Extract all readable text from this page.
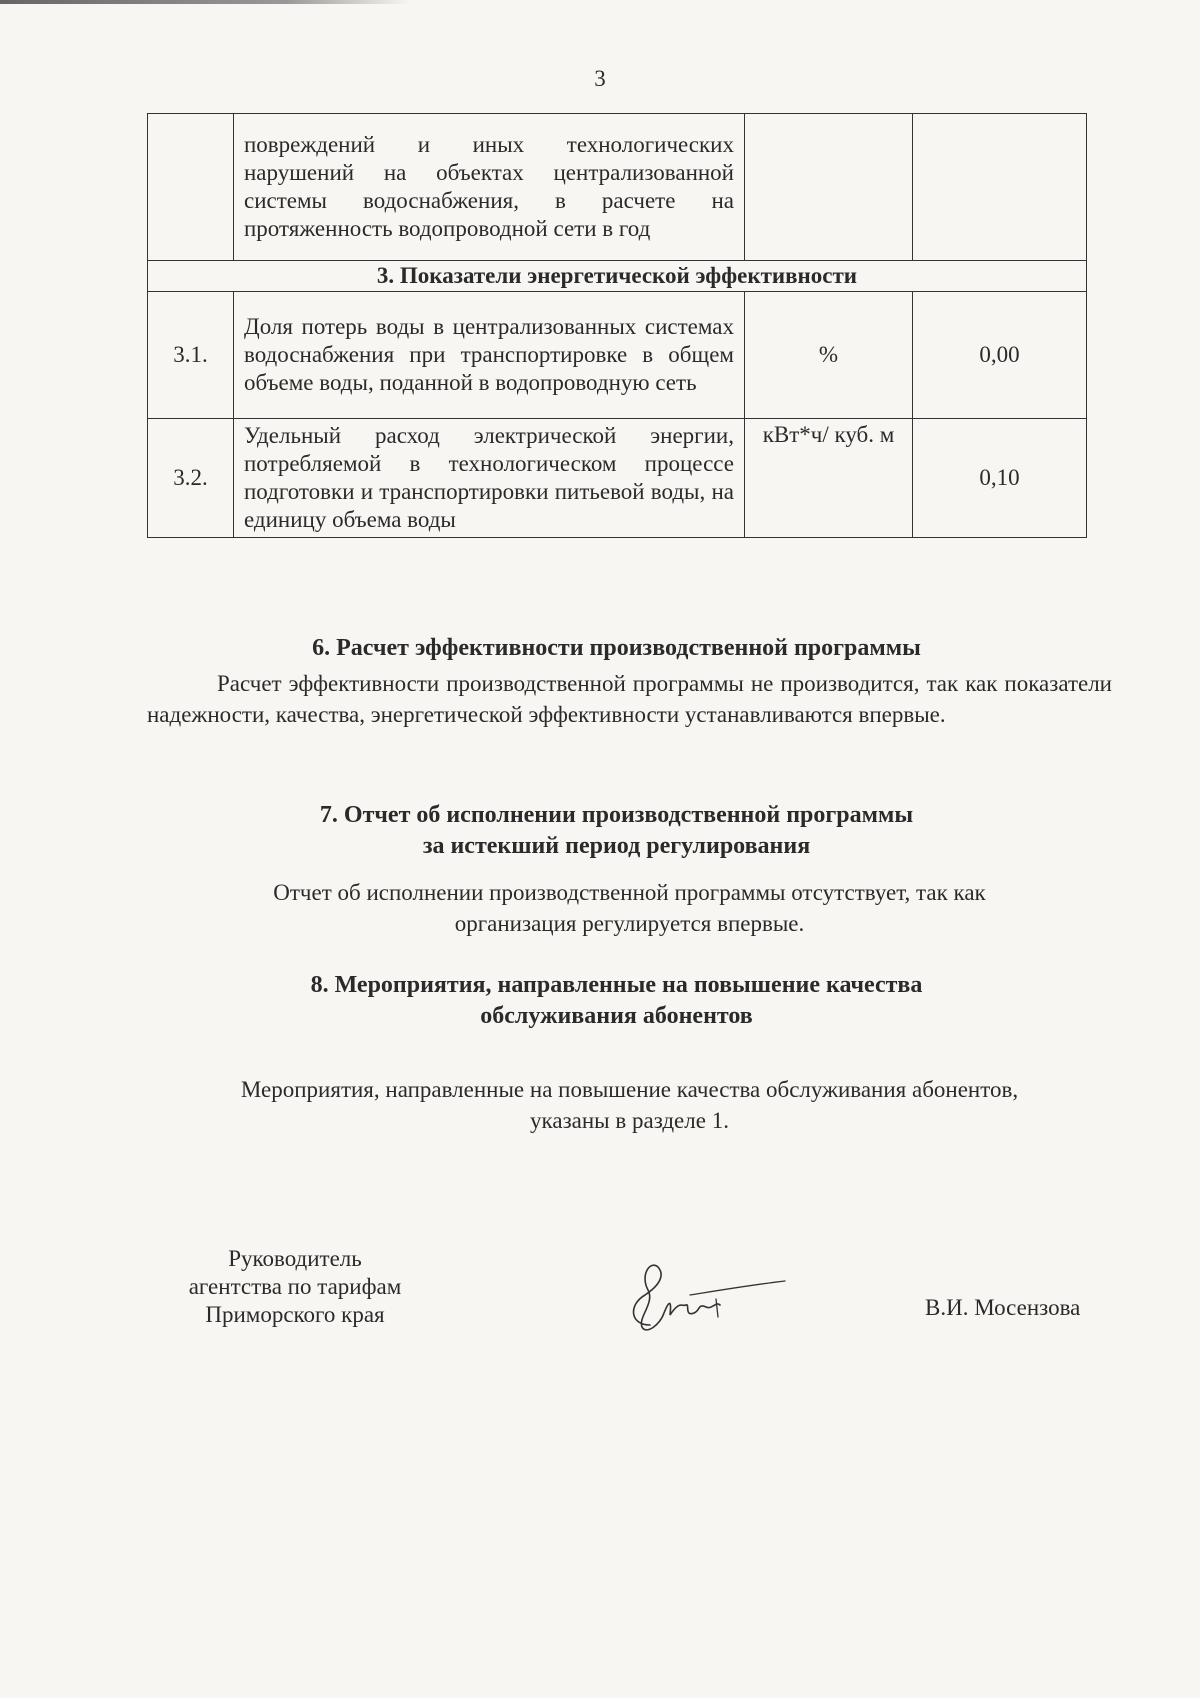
3
	повреждений и иных технологических нарушений на объектах централизованной системы водоснабжения, в расчете на протяженность водопроводной сети в год		
3. Показатели энергетической эффективности			
3.1.	Доля потерь воды в централизованных системах водоснабжения при транспортировке в общем объеме воды, поданной в водопроводную сеть	%	0,00
3.2.	Удельный расход электрической энергии, потребляемой в технологическом процессе подготовки и транспортировки питьевой воды, на единицу объема воды	кВт*ч/ куб. м	0,10
6. Расчет эффективности производственной программы
Расчет эффективности производственной программы не производится, так как показатели надежности, качества, энергетической эффективности устанавливаются впервые.
7. Отчет об исполнении производственной программы
за истекший период регулирования
Отчет об исполнении производственной программы отсутствует, так как
организация регулируется впервые.
8. Мероприятия, направленные на повышение качества
обслуживания абонентов
Мероприятия, направленные на повышение качества обслуживания абонентов,
указаны в разделе 1.
Руководитель
агентства по тарифам
Приморского края	В.И. Мосензова
